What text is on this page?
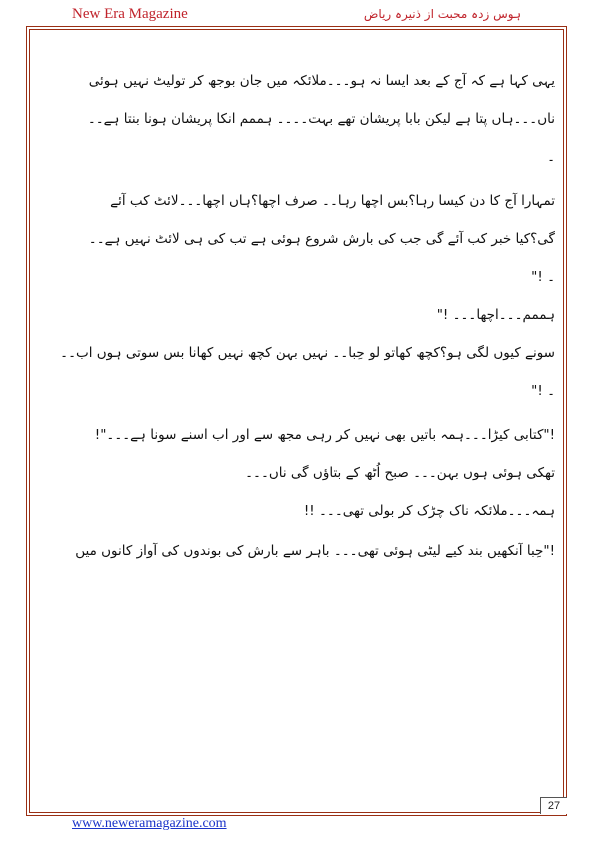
New Era Magazine	ہوس زدہ محبت از ذنیرہ ریاض
یہی کہا ہے کہ آج کے بعد ایسا نہ ہو۔۔۔ملائکہ میں جان بوجھ کر تولیٹ نہیں ہوئی
ناں۔۔۔ہاں پتا ہے لیکن بابا پریشان تھے بہت۔۔۔۔ ہممم انکا پریشان ہونا بنتا ہے۔۔
۔
تمہارا آج کا دن کیسا رہا؟بس اچھا رہا۔۔ صرف اچھا؟ہاں اچھا۔۔۔لائٹ کب آئے
گی؟کیا خبر کب آئے گی جب کی بارش شروع ہوئی ہے تب کی ہی لائٹ نہیں ہے۔۔
۔ !"
ہممم۔۔۔اچھا۔۔۔ !"
سونے کیوں لگی ہو؟کچھ کھاتو لو حِبا۔۔ نہیں بہن کچھ نہیں کھانا بس سوتی ہوں اب۔۔
۔ !"
!"کتابی کیڑا۔۔۔ہمہ باتیں بھی نہیں کر رہی مجھ سے اور اب اسنے سونا ہے۔۔۔"!
تھکی ہوئی ہوں بہن۔۔۔ صبح اُٹھ کے بتاؤں گی ناں۔۔۔
ہمہ۔۔۔ملائکہ ناک چڑک کر بولی تھی۔۔۔ !!
!"حِبا آنکھیں بند کیے لیٹی ہوئی تھی۔۔۔ باہر سے بارش کی بوندوں کی آواز کانوں میں
27
www.neweramagazine.com
